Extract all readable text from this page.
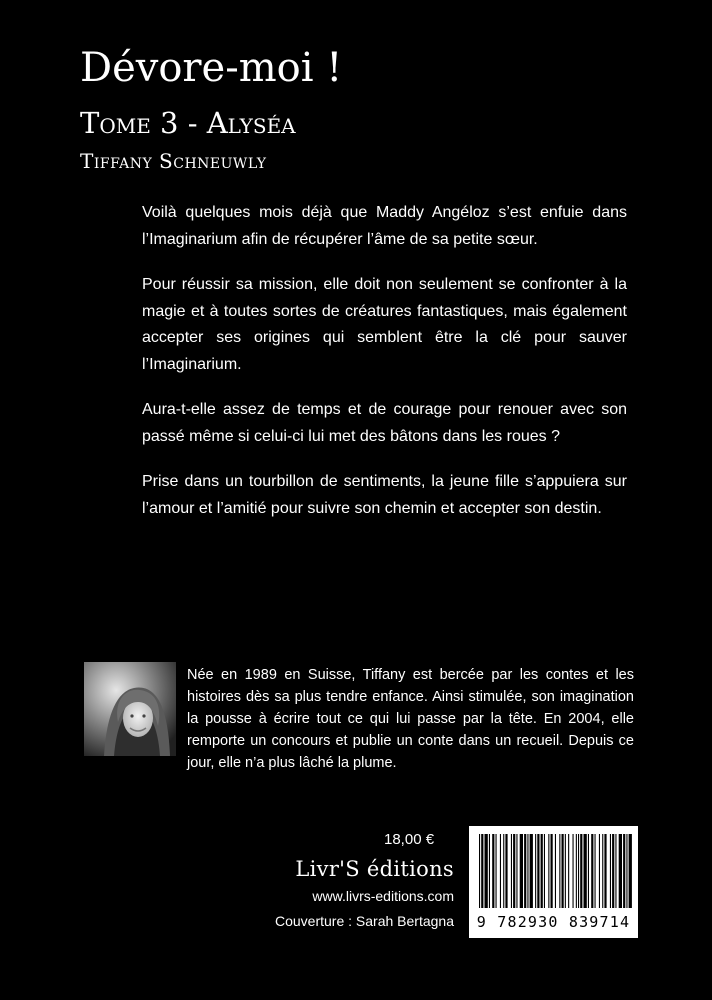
Dévore-moi !
Tome 3 - Alyséa
Tiffany Schneuwly

Voilà quelques mois déjà que Maddy Angéloz s’est enfuie dans l’Imaginarium afin de récupérer l’âme de sa petite sœur.

Pour réussir sa mission, elle doit non seulement se confronter à la magie et à toutes sortes de créatures fantastiques, mais également accepter ses origines qui semblent être la clé pour sauver l’Imaginarium.

Aura-t-elle assez de temps et de courage pour renouer avec son passé même si celui-ci lui met des bâtons dans les roues ?

Prise dans un tourbillon de sentiments, la jeune fille s’appuiera sur l’amour et l’amitié pour suivre son chemin et accepter son destin.

Née en 1989 en Suisse, Tiffany est bercée par les contes et les histoires dès sa plus tendre enfance. Ainsi stimulée, son imagination la pousse à écrire tout ce qui lui passe par la tête. En 2004, elle remporte un concours et publie un conte dans un recueil. Depuis ce jour, elle n’a plus lâché la plume.

18,00 €
Livr'S éditions
www.livrs-editions.com
Couverture : Sarah Bertagna	9 782930 839714
